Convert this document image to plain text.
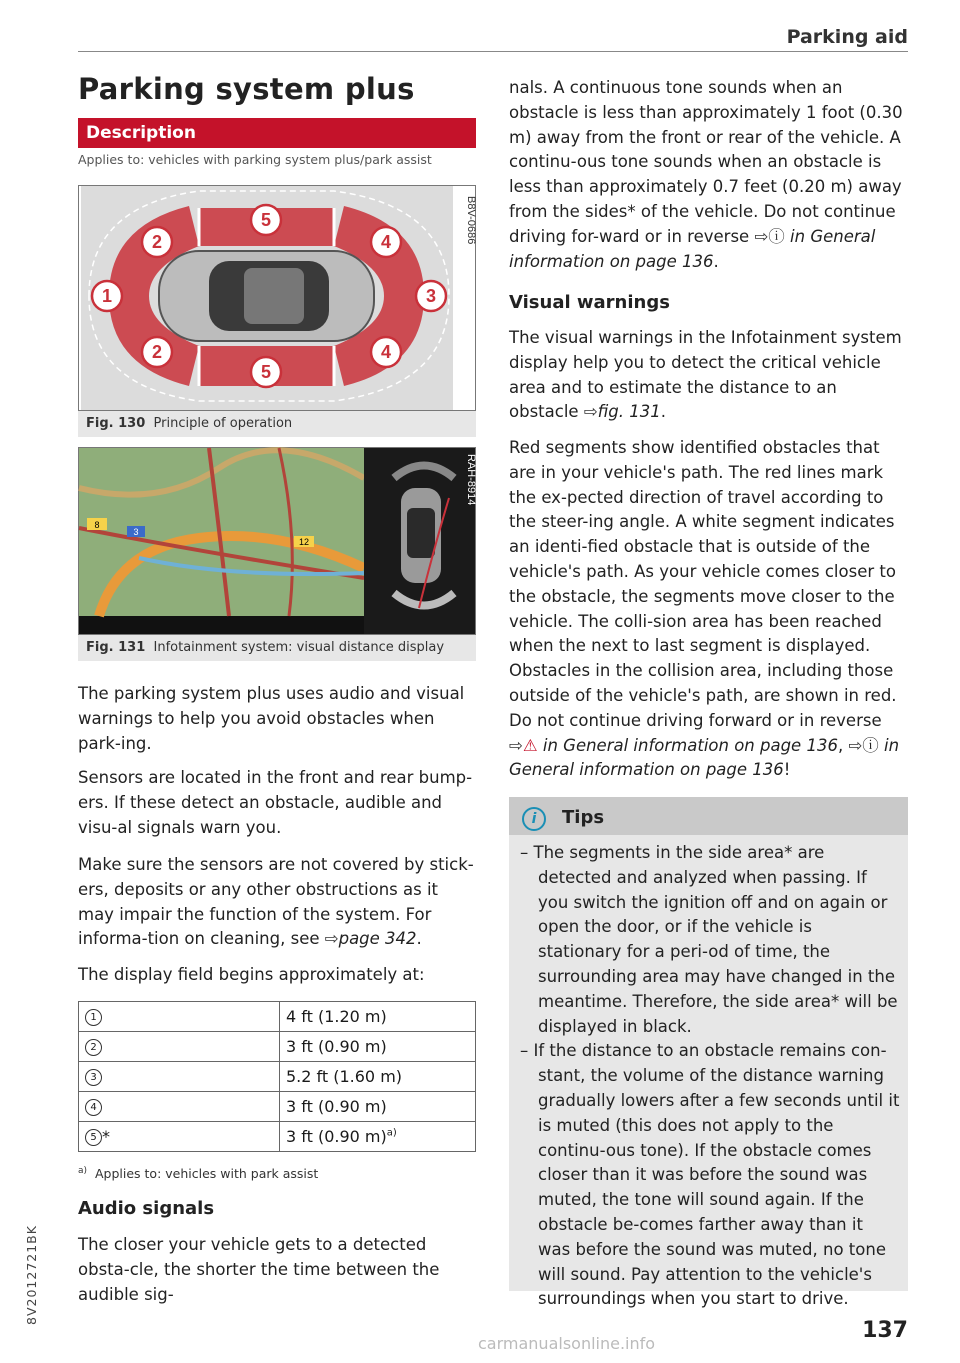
Parking aid
Parking system plus
Description
Applies to: vehicles with parking system plus/park assist
1
2
2
3
4
4
5
5
B8V-0686
Fig. 130 Principle of operation
8
3
12
RAH-8914
Fig. 131 Infotainment system: visual distance display
The parking system plus uses audio and visual warnings to help you avoid obstacles when park-ing.
Sensors are located in the front and rear bump-ers. If these detect an obstacle, audible and visu-al signals warn you.
Make sure the sensors are not covered by stick-ers, deposits or any other obstructions as it may impair the function of the system. For informa-tion on cleaning, see ⇨page 342.
The display field begins approximately at:
1	4 ft (1.20 m)
2	3 ft (0.90 m)
3	5.2 ft (1.60 m)
4	3 ft (0.90 m)
5 *	3 ft (0.90 m)$^{a)}$
$^{a)}$ Applies to: vehicles with park assist
Audio signals
The closer your vehicle gets to a detected obsta-cle, the shorter the time between the audible sig-
nals. A continuous tone sounds when an obstacle is less than approximately 1 foot (0.30 m) away from the front or rear of the vehicle. A continu-ous tone sounds when an obstacle is less than approximately 0.7 feet (0.20 m) away from the sides* of the vehicle. Do not continue driving for-ward or in reverse ⇨ⓘ in General information on page 136.
Visual warnings
The visual warnings in the Infotainment system display help you to detect the critical vehicle area and to estimate the distance to an obstacle ⇨fig. 131.
Red segments show identified obstacles that are in your vehicle's path. The red lines mark the ex-pected direction of travel according to the steer-ing angle. A white segment indicates an identi-fied obstacle that is outside of the vehicle's path. As your vehicle comes closer to the obstacle, the segments move closer to the vehicle. The colli-sion area has been reached when the next to last segment is displayed. Obstacles in the collision area, including those outside of the vehicle's path, are shown in red. Do not continue driving forward or in reverse ⇨⚠ in General information on page 136, ⇨ⓘ in General information on page 136!
i	Tips

– The segments in the side area* are detected and analyzed when passing. If you switch the ignition off and on again or open the door, or if the vehicle is stationary for a peri-od of time, the surrounding area may have changed in the meantime. Therefore, the side area* will be displayed in black.

– If the distance to an obstacle remains con-stant, the volume of the distance warning gradually lowers after a few seconds until it is muted (this does not apply to the continu-ous tone). If the obstacle comes closer than it was before the sound was muted, the tone will sound again. If the obstacle be-comes farther away than it was before the sound was muted, no tone will sound. Pay attention to the vehicle's surroundings when you start to drive.

137
8V2012721BK
carmanualsonline.info
